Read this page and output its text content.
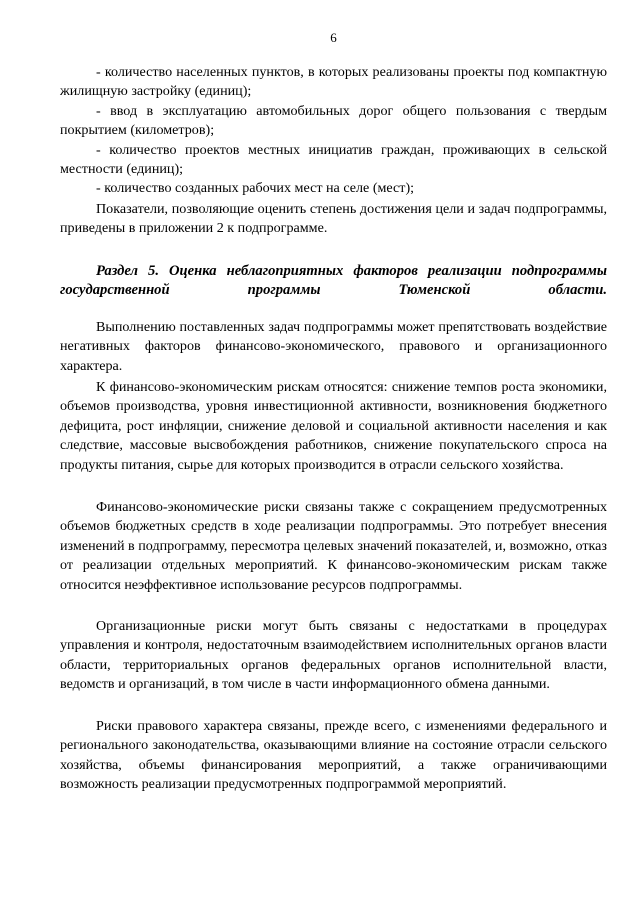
6

- количество населенных пунктов, в которых реализованы проекты под компактную жилищную застройку (единиц);

- ввод в эксплуатацию автомобильных дорог общего пользования с твердым покрытием (километров);

- количество проектов местных инициатив граждан, проживающих в сельской местности (единиц);

- количество созданных рабочих мест на селе (мест);

Показатели, позволяющие оценить степень достижения цели и задач подпрограммы, приведены в приложении 2 к подпрограмме.

Раздел 5. Оценка неблагоприятных факторов реализации подпрограммы государственной программы Тюменской области.

Выполнению поставленных задач подпрограммы может препятствовать воздействие негативных факторов финансово-экономического, правового и организационного характера.

К финансово-экономическим рискам относятся: снижение темпов роста экономики, объемов производства, уровня инвестиционной активности, возникновения бюджетного дефицита, рост инфляции, снижение деловой и социальной активности населения и как следствие, массовые высвобождения работников, снижение покупательского спроса на продукты питания, сырье для которых производится в отрасли сельского хозяйства.

Финансово-экономические риски связаны также с сокращением предусмотренных объемов бюджетных средств в ходе реализации подпрограммы. Это потребует внесения изменений в подпрограмму, пересмотра целевых значений показателей, и, возможно, отказ от реализации отдельных мероприятий. К финансово-экономическим рискам также относится неэффективное использование ресурсов подпрограммы.

Организационные риски могут быть связаны с недостатками в процедурах управления и контроля, недостаточным взаимодействием исполнительных органов власти области, территориальных органов федеральных органов исполнительной власти, ведомств и организаций, в том числе в части информационного обмена данными.

Риски правового характера связаны, прежде всего, с изменениями федерального и регионального законодательства, оказывающими влияние на состояние отрасли сельского хозяйства, объемы финансирования мероприятий, а также ограничивающими возможность реализации предусмотренных подпрограммой мероприятий.
